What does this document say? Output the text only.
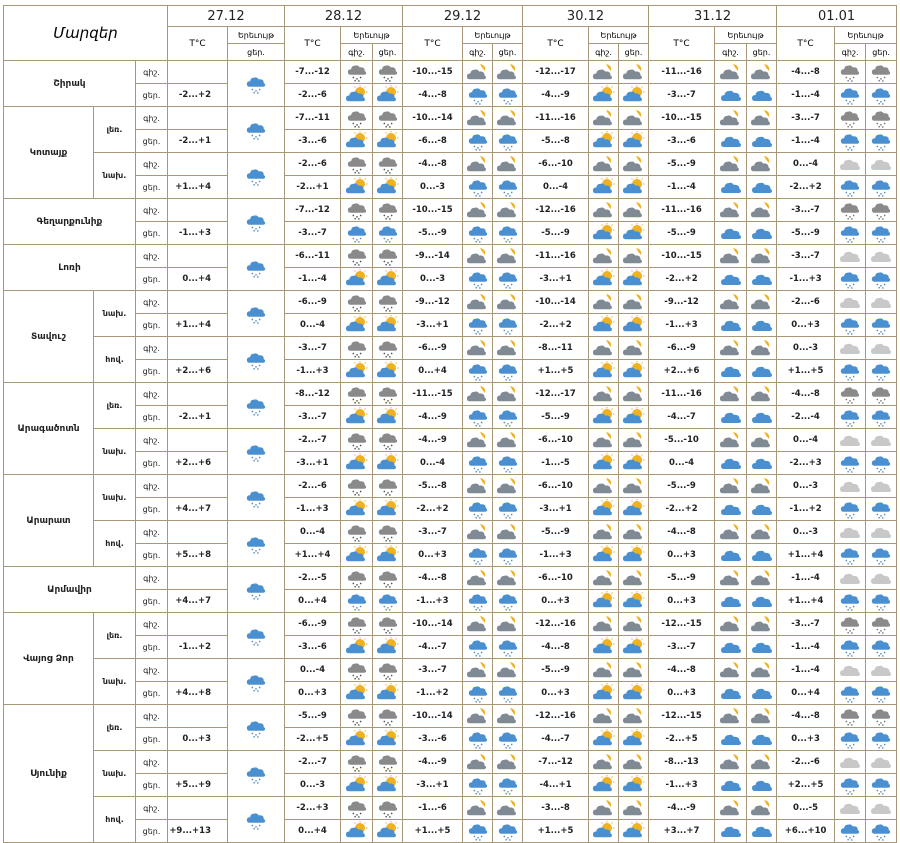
Մարզեր			27.12		28.12			29.12			30.12			31.12			01.01		
			T°C	Երեւույթ	T°C	Երեւույթ		T°C	Երեւույթ		T°C	Երեւույթ		T°C	Երեւույթ		T°C	Երեւույթ	
				ցեր.		գիշ.	ցեր.		գիշ.	ցեր.		գիշ.	ցեր.		գիշ.	ցեր.		գիշ.	ցեր.
Շիրակ		գիշ.			-7...-12			-10...-15			-12...-17			-11...-16			-4...-8	

		ցեր.	-2...+2		-2...-6			-4...-8			-4...-9			-3...-7			-1...-4	

Կոտայք	լեռ.	գիշ.			-7...-11			-10...-14			-11...-16			-10...-15			-3...-7	

		ցեր.	-2...+1		-3...-6			-6...-8			-5...-8			-3...-6			-1...-4	

	նախ.	գիշ.			-2...-6			-4...-8			-6...-10			-5...-9			0...-4	

		ցեր.	+1...+4		-2...+1			0...-3			0...-4			-1...-4			-2...+2	

Գեղարքունիք		գիշ.			-7...-12			-10...-15			-12...-16			-11...-16			-3...-7	

		ցեր.	-1...+3		-3...-7			-5...-9			-5...-9			-5...-9			-5...-9	

Լոռի		գիշ.			-6...-11			-9...-14			-11...-16			-10...-15			-3...-7	

		ցեր.	0...+4		-1...-4			0...-3			-3...+1			-2...+2			-1...+3	

Տավուշ	նախ.	գիշ.			-6...-9			-9...-12			-10...-14			-9...-12			-2...-6	

		ցեր.	+1...+4		0...-4			-3...+1			-2...+2			-1...+3			0...+3	

	հով.	գիշ.			-3...-7			-6...-9			-8...-11			-6...-9			0...-3	

		ցեր.	+2...+6		-1...+3			0...+4			+1...+5			+2...+6			+1...+5	

Արագածոտն	լեռ.	գիշ.			-8...-12			-11...-15			-12...-17			-11...-16			-4...-8	

		ցեր.	-2...+1		-3...-7			-4...-9			-5...-9			-4...-7			-2...-4	

	նախ.	գիշ.			-2...-7			-4...-9			-6...-10			-5...-10			0...-4	

		ցեր.	+2...+6		-3...+1			0...-4			-1...-5			0...-4			-2...+3	

Արարատ	նախ.	գիշ.			-2...-6			-5...-8			-6...-10			-5...-9			0...-3	

		ցեր.	+4...+7		-1...+3			-2...+2			-3...+1			-2...+2			-1...+2	

	հով.	գիշ.			0...-4			-3...-7			-5...-9			-4...-8			0...-3	

		ցեր.	+5...+8		+1...+4			0...+3			-1...+3			0...+3			+1...+4	

Արմավիր		գիշ.			-2...-5			-4...-8			-6...-10			-5...-9			-1...-4	

		ցեր.	+4...+7		0...+4			-1...+3			0...+3			0...+3			+1...+4	

Վայոց Ձոր	լեռ.	գիշ.			-6...-9			-10...-14			-12...-16			-12...-15			-3...-7	

		ցեր.	-1...+2		-3...-6			-4...-7			-4...-8			-3...-7			-1...-4	

	նախ.	գիշ.			0...-4			-3...-7			-5...-9			-4...-8			-1...-4	

		ցեր.	+4...+8		0...+3			-1...+2			0...+3			0...+3			0...+4	

Սյունիք	լեռ.	գիշ.			-5...-9			-10...-14			-12...-16			-12...-15			-4...-8	

		ցեր.	0...+3		-2...+5			-3...-6			-4...-7			-2...+5			0...+3	

	նախ.	գիշ.			-2...-7			-4...-9			-7...-12			-8...-13			-2...-6	

		ցեր.	+5...+9		0...-3			-3...+1			-4...+1			-1...+3			+2...+5	

	հով.	գիշ.			-2...+3			-1...-6			-3...-8			-4...-9			0...-5	

		ցեր.	+9...+13		0...+4			+1...+5			+1...+5			+3...+7			+6...+10	
